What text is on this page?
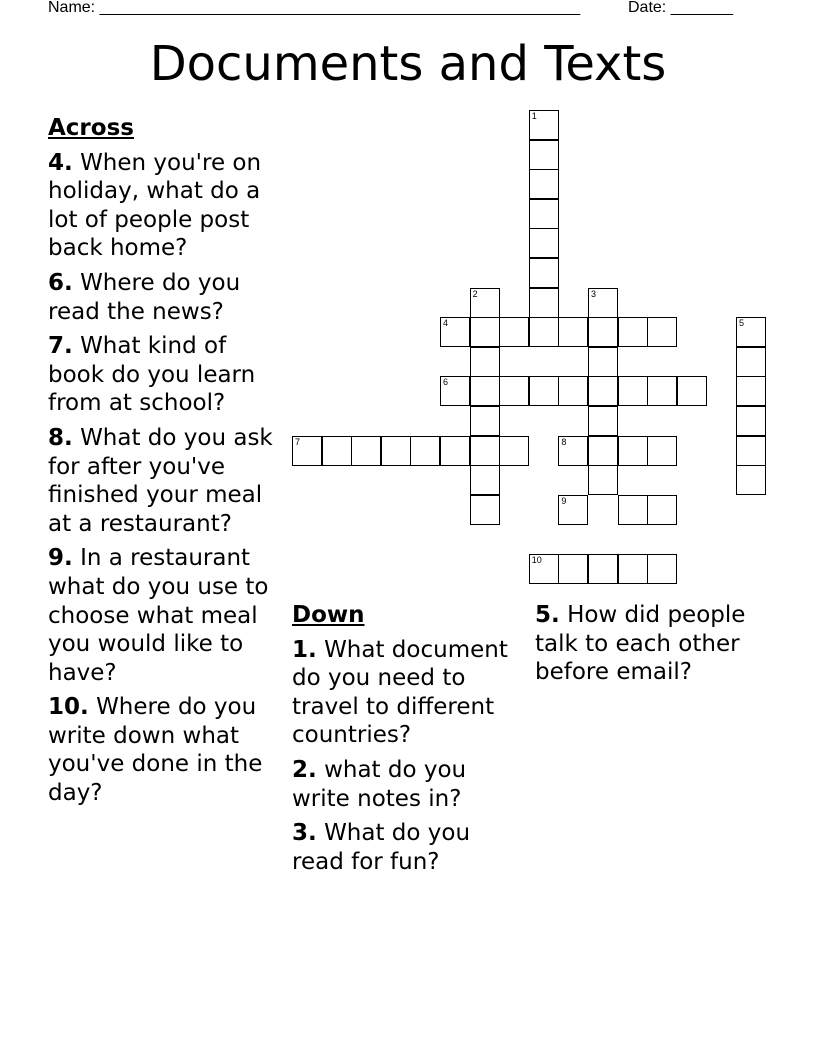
Name: ______________________________________________________	Date: _______
Documents and Texts
1
2	3
4	5
6
7	8
9
10
Across
4. When you're on holiday, what do a lot of people post back home?
6. Where do you read the news?
7. What kind of book do you learn from at school?
8. What do you ask for after you've finished your meal at a restaurant?
9. In a restaurant what do you use to choose what meal you would like to have?
10. Where do you write down what you've done in the day?
Down
1. What document do you need to travel to different countries?
2. what do you write notes in?
3. What do you read for fun?
5. How did people talk to each other before email?
